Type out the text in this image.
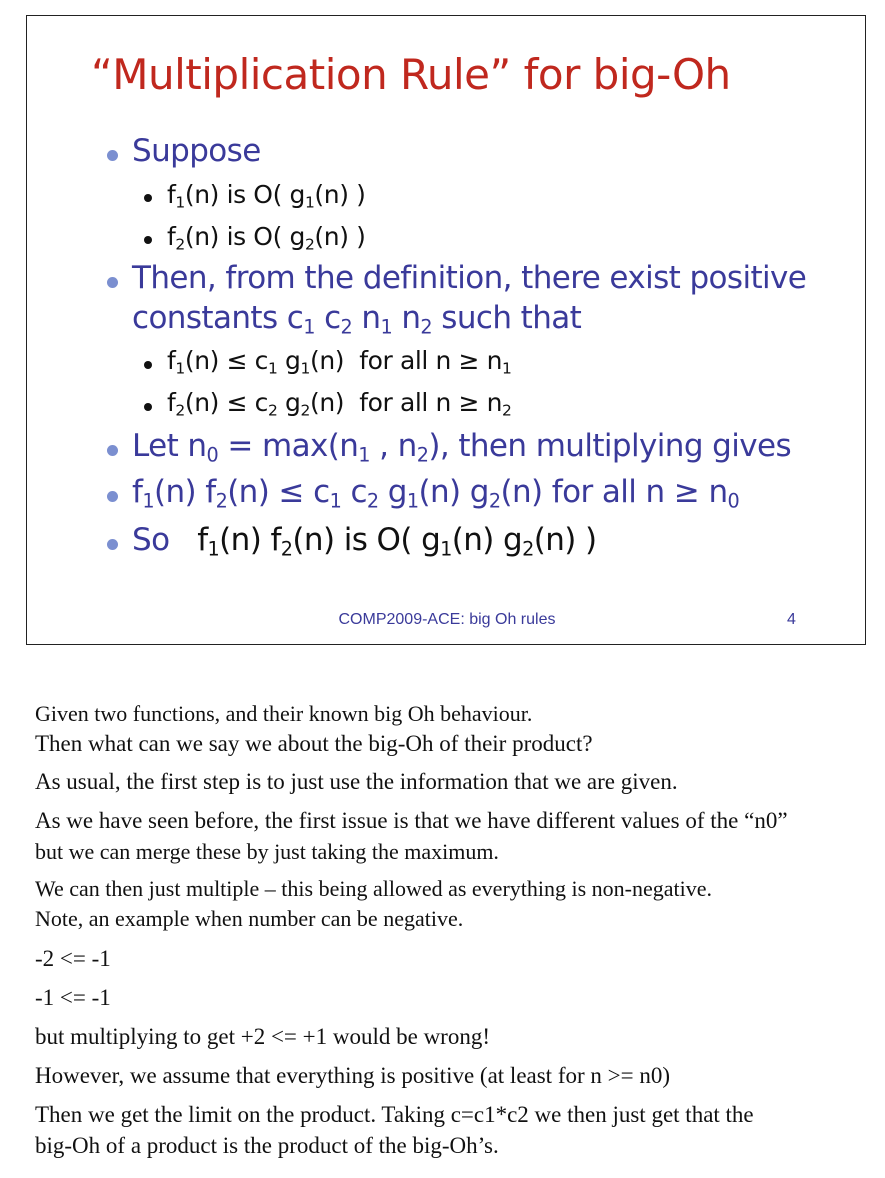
“Multiplication Rule” for big-Oh
Suppose
$f_1(n)$ is O( $g_1(n)$ )
$f_2(n)$ is O( $g_2(n)$ )
Then, from the definition, there exist positive
constants $c_1$ $c_2$ $n_1$ $n_2$ such that
$f_1(n) \le c_1$ $g_1(n)$  for all $n \ge n_1$
$f_2(n) \le c_2$ $g_2(n)$  for all $n \ge n_2$
Let $n_0 = \max(n_1$ , $n_2$), then multiplying gives
$f_1(n) f_2(n) \le c_1$ $c_2$ $g_1(n)$ $g_2(n)$ for all $n \ge n_0$
So   $f_1(n)$ $f_2(n)$ is O( $g_1(n)$ $g_2(n)$ )
COMP2009-ACE: big Oh rules	4

Given two functions, and their known big Oh behaviour.

Then what can we say we about the big-Oh of their product?

As usual, the first step is to just use the information that we are given.

As we have seen before, the first issue is that we have different values of the “n0”

but we can merge these by just taking the maximum.

We can then just multiple – this being allowed as everything is non-negative.

Note, an example when number can be negative.

-2 <= -1

-1 <= -1

but multiplying to get +2 <= +1 would be wrong!

However, we assume that everything is positive (at least for n >= n0)

Then we get the limit on the product. Taking c=c1*c2 we then just get that the

big-Oh of a product is the product of the big-Oh’s.
